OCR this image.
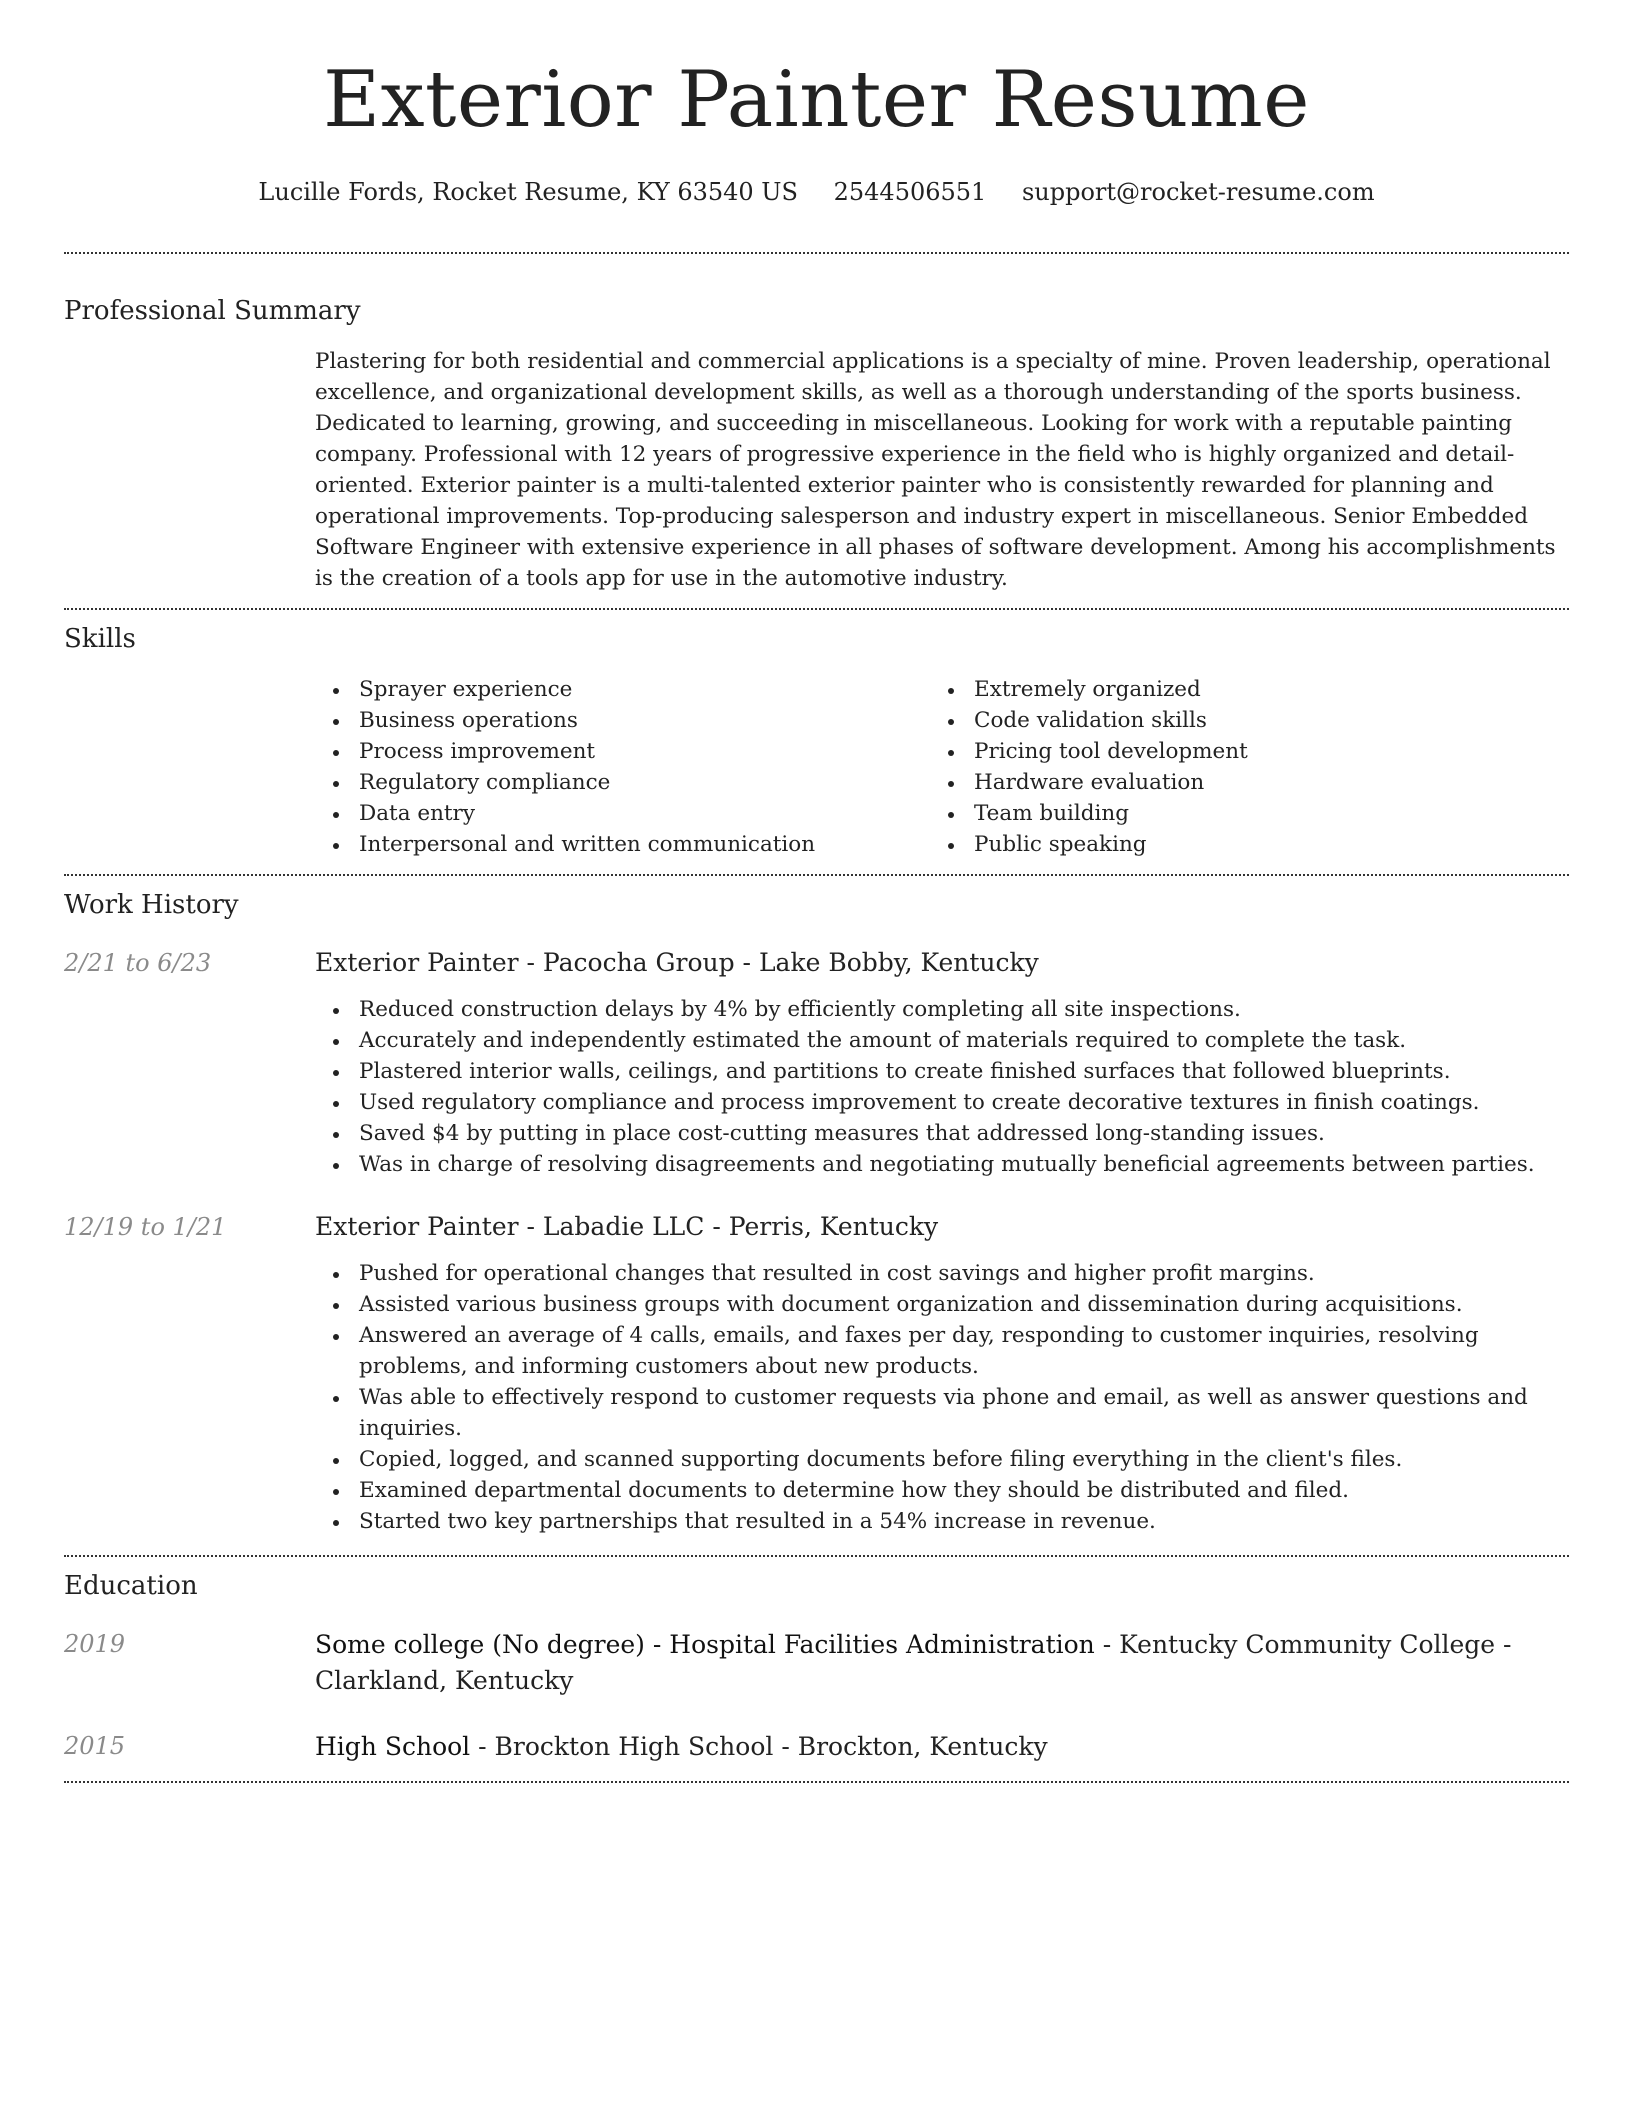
Exterior Painter Resume
Lucille Fords, Rocket Resume, KY 63540 US 2544506551 support@rocket-resume.com
Professional Summary
Plastering for both residential and commercial applications is a specialty of mine. Proven leadership, operational excellence, and organizational development skills, as well as a thorough understanding of the sports business. Dedicated to learning, growing, and succeeding in miscellaneous. Looking for work with a reputable painting company. Professional with 12 years of progressive experience in the field who is highly organized and detail-oriented. Exterior painter is a multi-talented exterior painter who is consistently rewarded for planning and operational improvements. Top-producing salesperson and industry expert in miscellaneous. Senior Embedded Software Engineer with extensive experience in all phases of software development. Among his accomplishments is the creation of a tools app for use in the automotive industry.
Skills
Sprayer experience
Business operations
Process improvement
Regulatory compliance
Data entry
Interpersonal and written communication
Extremely organized
Code validation skills
Pricing tool development
Hardware evaluation
Team building
Public speaking
Work History
2/21 to 6/23	Exterior Painter - Pacocha Group - Lake Bobby, Kentucky
Reduced construction delays by 4% by efficiently completing all site inspections.
Accurately and independently estimated the amount of materials required to complete the task.
Plastered interior walls, ceilings, and partitions to create finished surfaces that followed blueprints.
Used regulatory compliance and process improvement to create decorative textures in finish coatings.
Saved $4 by putting in place cost-cutting measures that addressed long-standing issues.
Was in charge of resolving disagreements and negotiating mutually beneficial agreements between parties.
12/19 to 1/21	Exterior Painter - Labadie LLC - Perris, Kentucky
Pushed for operational changes that resulted in cost savings and higher profit margins.
Assisted various business groups with document organization and dissemination during acquisitions.
Answered an average of 4 calls, emails, and faxes per day, responding to customer inquiries, resolving problems, and informing customers about new products.
Was able to effectively respond to customer requests via phone and email, as well as answer questions and inquiries.
Copied, logged, and scanned supporting documents before filing everything in the client's files.
Examined departmental documents to determine how they should be distributed and filed.
Started two key partnerships that resulted in a 54% increase in revenue.
Education
2019	Some college (No degree) - Hospital Facilities Administration - Kentucky Community College - Clarkland, Kentucky
2015	High School - Brockton High School - Brockton, Kentucky
